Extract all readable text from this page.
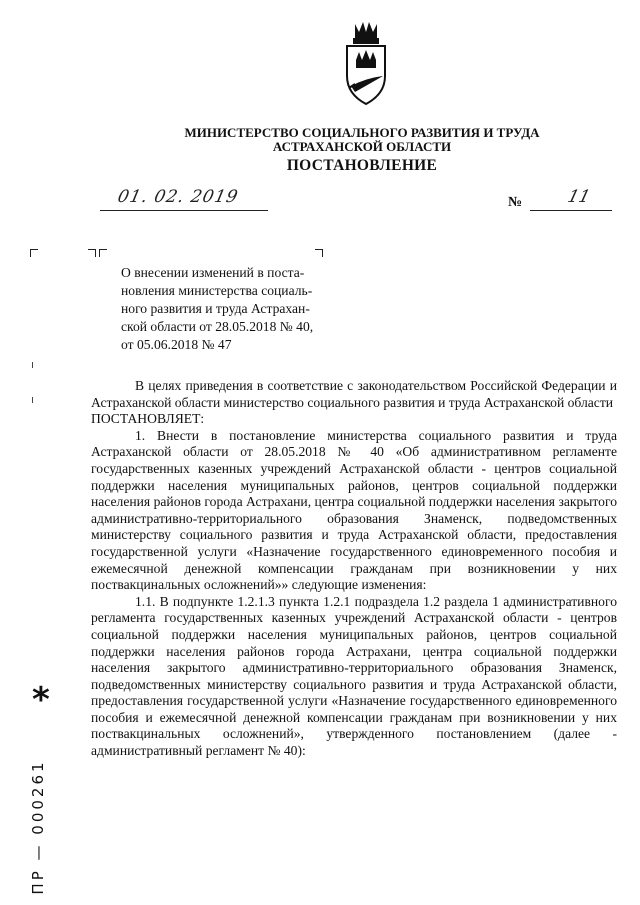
МИНИСТЕРСТВО СОЦИАЛЬНОГО РАЗВИТИЯ И ТРУДА
АСТРАХАНСКОЙ ОБЛАСТИ
ПОСТАНОВЛЕНИЕ
01. 02. 2019	№	11
О внесении изменений в поста-
новления министерства социаль-
ного развития и труда Астрахан-
ской области от 28.05.2018 № 40,
от 05.06.2018 № 47

В целях приведения в соответствие с законодательством Российской Федерации и Астраханской области министерство социального развития и труда Астраханской области

ПОСТАНОВЛЯЕТ:

1. Внести в постановление министерства социального развития и труда Астраханской области от 28.05.2018 № 40 «Об административном регламенте государственных казенных учреждений Астраханской области - центров социальной поддержки населения муниципальных районов, центров социальной поддержки населения районов города Астрахани, центра социальной поддержки населения закрытого административно-территориального образования Знаменск, подведомственных министерству социального развития и труда Астраханской области, предоставления государственной услуги «Назначение государственного единовременного пособия и ежемесячной денежной компенсации гражданам при возникновении у них поствакцинальных осложнений»» следующие изменения:

1.1. В подпункте 1.2.1.3 пункта 1.2.1 подраздела 1.2 раздела 1 административного регламента государственных казенных учреждений Астраханской области - центров социальной поддержки населения муниципальных районов, центров социальной поддержки населения районов города Астрахани, центра социальной поддержки населения закрытого административно-территориального образования Знаменск, подведомственных министерству социального развития и труда Астраханской области, предоставления государственной услуги «Назначение государственного единовременного пособия и ежемесячной денежной компенсации гражданам при возникновении у них поствакцинальных осложнений», утвержденного постановлением (далее - административный регламент № 40):

*
ПР — 000261
